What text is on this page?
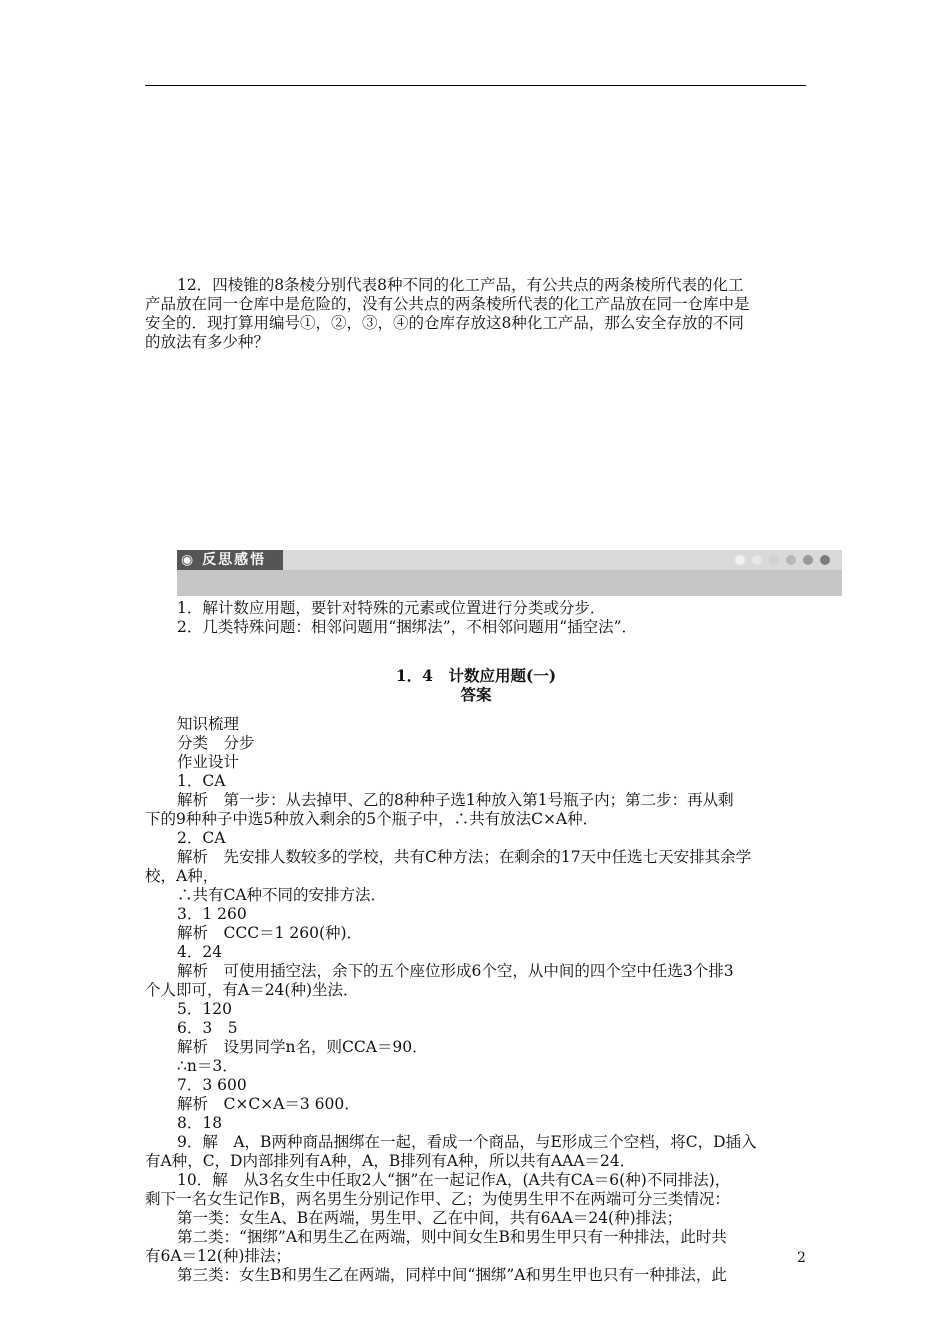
12．四棱锥的8条棱分别代表8种不同的化工产品，有公共点的两条棱所代表的化工

产品放在同一仓库中是危险的，没有公共点的两条棱所代表的化工产品放在同一仓库中是

安全的．现打算用编号①，②，③，④的仓库存放这8种化工产品，那么安全存放的不同

的放法有多少种？

◉ 反思感悟

1．解计数应用题，要针对特殊的元素或位置进行分类或分步．

2．几类特殊问题：相邻问题用“捆绑法”，不相邻问题用“插空法”．

1．4　计数应用题(一)
答案

知识梳理

分类　分步

作业设计

1．CA

解析　第一步：从去掉甲、乙的8种种子选1种放入第1号瓶子内；第二步：再从剩

下的9种种子中选5种放入剩余的5个瓶子中，∴共有放法C×A种．

2．CA

解析　先安排人数较多的学校，共有C种方法；在剩余的17天中任选七天安排其余学

校，A种，

∴共有CA种不同的安排方法．

3．1 260

解析　CCC＝1 260(种)．

4．24

解析　可使用插空法，余下的五个座位形成6个空，从中间的四个空中任选3个排3

个人即可，有A＝24(种)坐法．

5．120

6．3　5

解析　设男同学n名，则CCA＝90．

∴n＝3．

7．3 600

解析　C×C×A＝3 600．

8．18

9．解　A，B两种商品捆绑在一起，看成一个商品，与E形成三个空档，将C，D插入

有A种，C，D内部排列有A种，A，B排列有A种，所以共有AAA＝24．

10．解　从3名女生中任取2人“捆”在一起记作A，(A共有CA＝6(种)不同排法)，

剩下一名女生记作B，两名男生分别记作甲、乙；为使男生甲不在两端可分三类情况：

第一类：女生A、B在两端，男生甲、乙在中间，共有6AA＝24(种)排法；

第二类：“捆绑”A和男生乙在两端，则中间女生B和男生甲只有一种排法，此时共

有6A＝12(种)排法；

第三类：女生B和男生乙在两端，同样中间“捆绑”A和男生甲也只有一种排法，此

2
